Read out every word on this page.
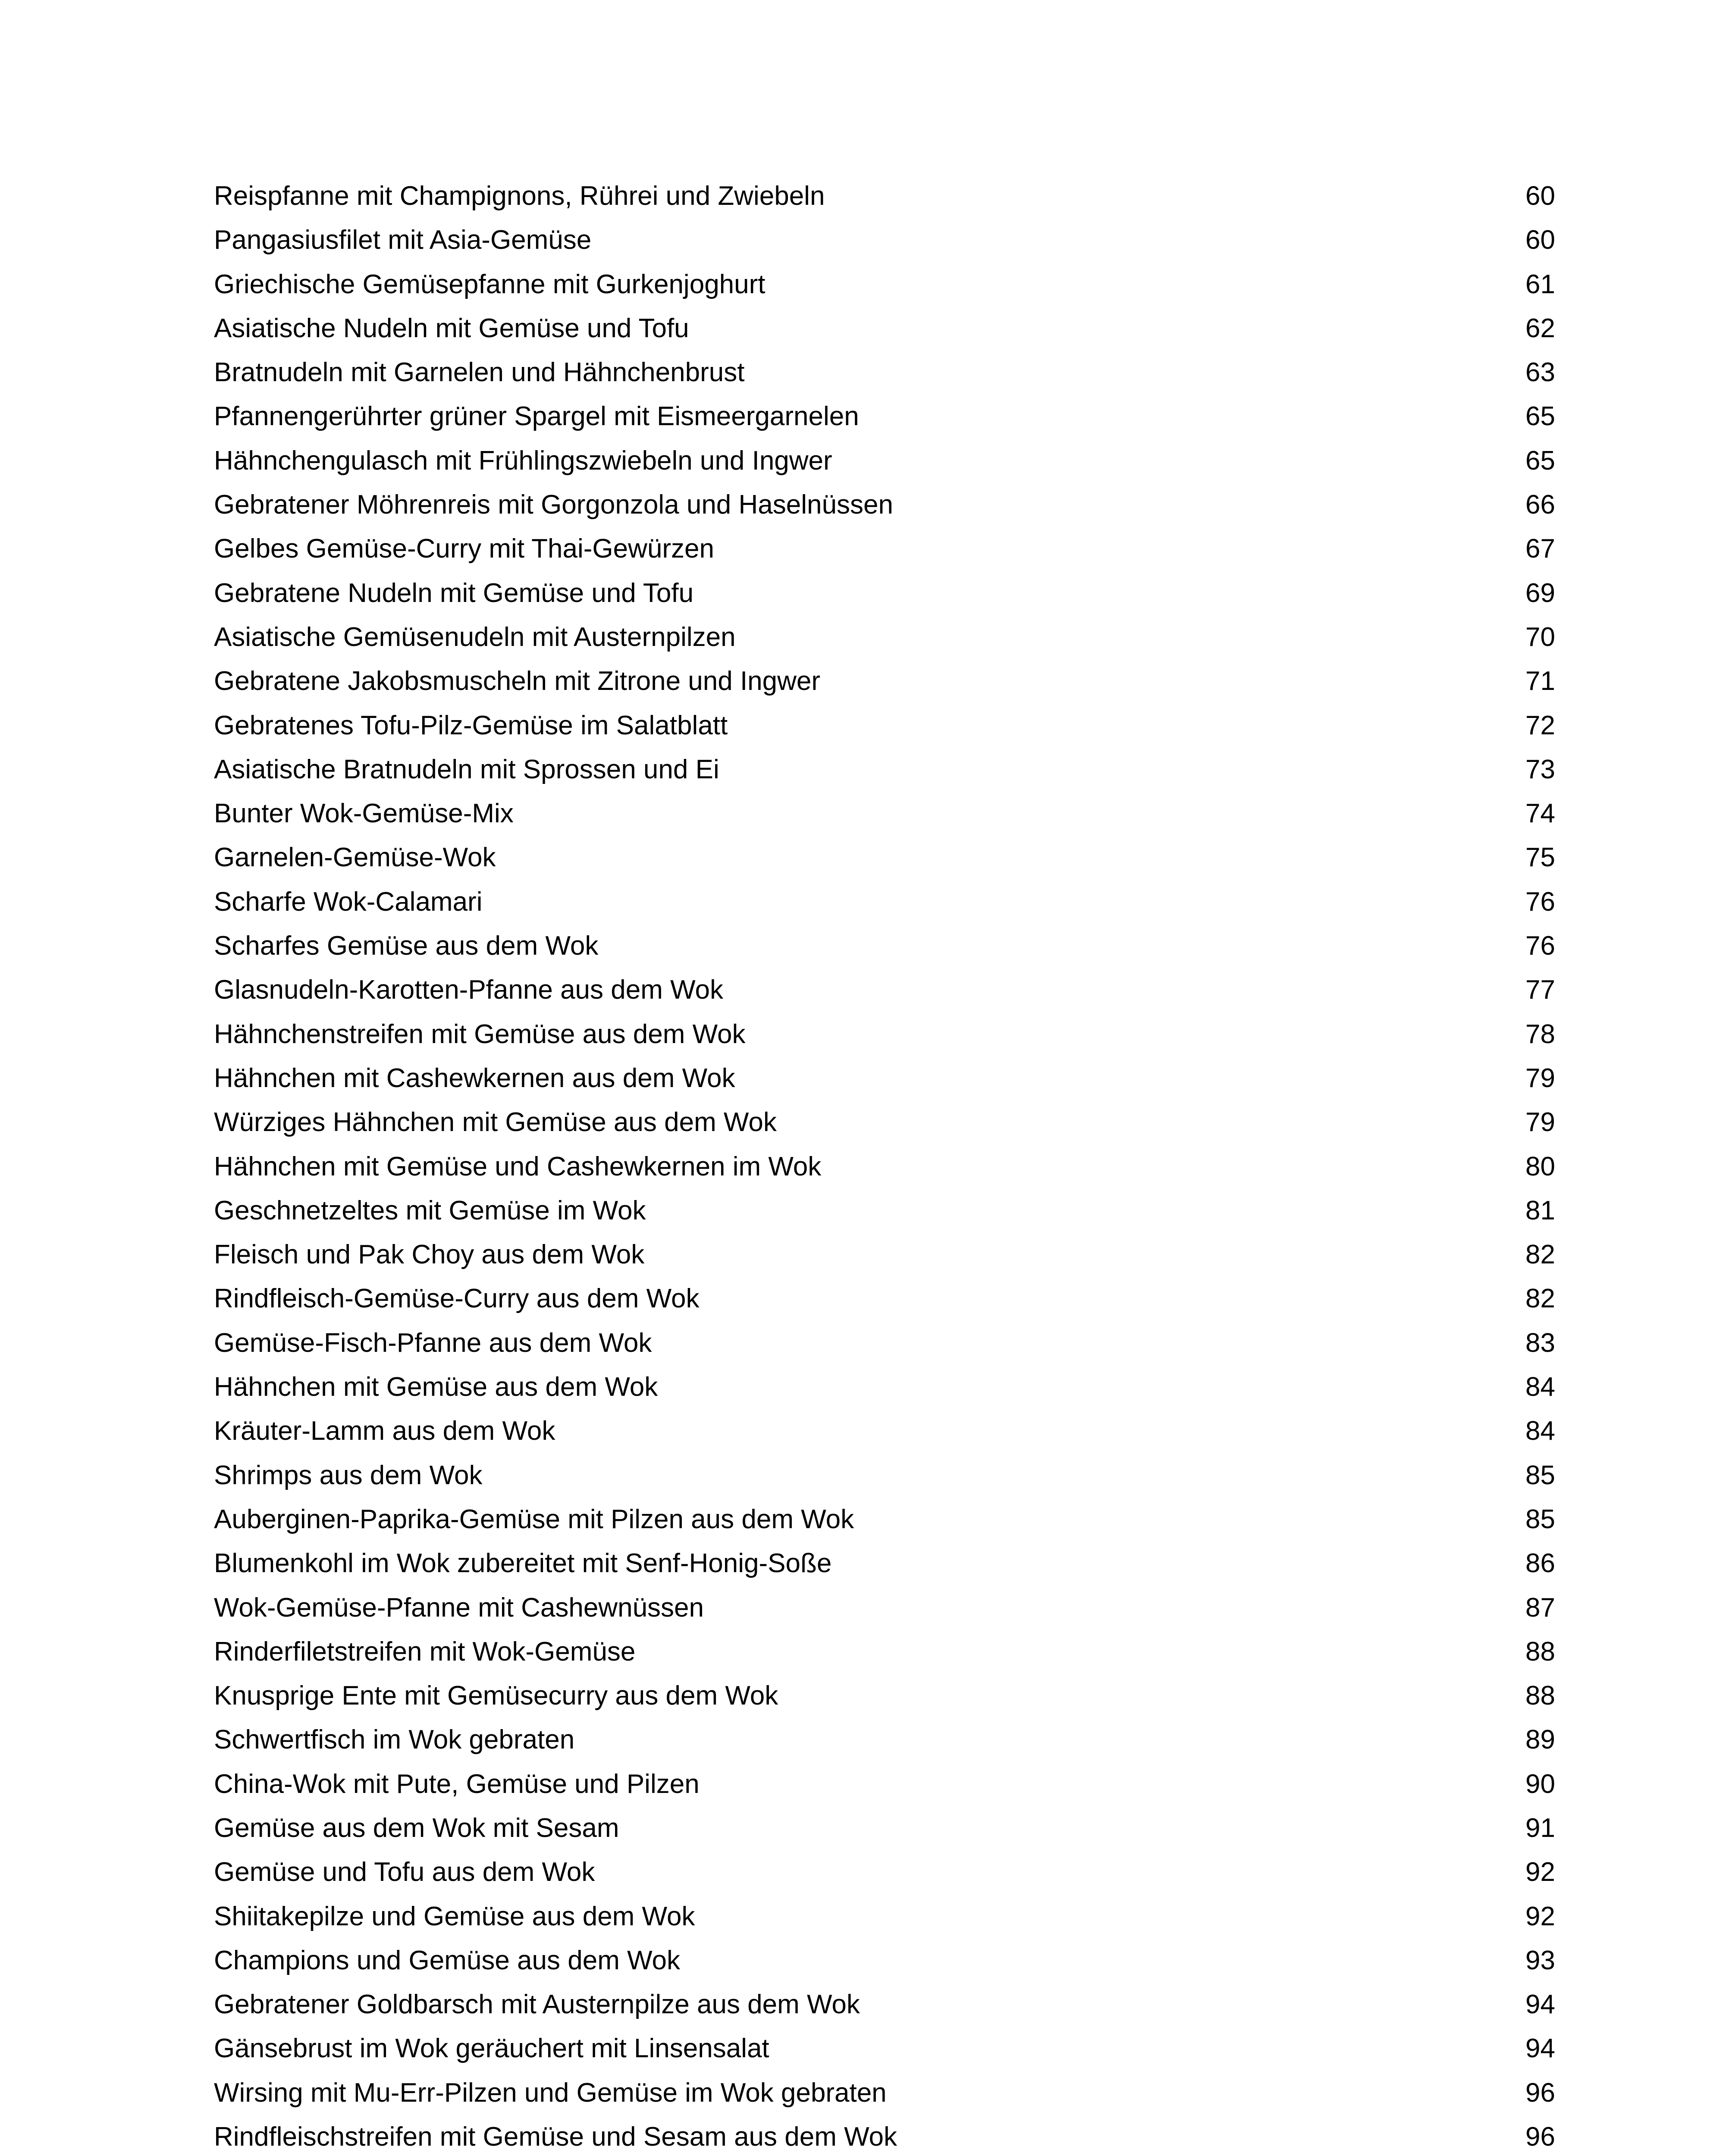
Reispfanne mit Champignons, Rührei und Zwiebeln	60
Pangasiusfilet mit Asia-Gemüse	60
Griechische Gemüsepfanne mit Gurkenjoghurt	61
Asiatische Nudeln mit Gemüse und Tofu	62
Bratnudeln mit Garnelen und Hähnchenbrust	63
Pfannengerührter grüner Spargel mit Eismeergarnelen	65
Hähnchengulasch mit Frühlingszwiebeln und Ingwer	65
Gebratener Möhrenreis mit Gorgonzola und Haselnüssen	66
Gelbes Gemüse-Curry mit Thai-Gewürzen	67
Gebratene Nudeln mit Gemüse und Tofu	69
Asiatische Gemüsenudeln mit Austernpilzen	70
Gebratene Jakobsmuscheln mit Zitrone und Ingwer	71
Gebratenes Tofu-Pilz-Gemüse im Salatblatt	72
Asiatische Bratnudeln mit Sprossen und Ei	73
Bunter Wok-Gemüse-Mix	74
Garnelen-Gemüse-Wok	75
Scharfe Wok-Calamari	76
Scharfes Gemüse aus dem Wok	76
Glasnudeln-Karotten-Pfanne aus dem Wok	77
Hähnchenstreifen mit Gemüse aus dem Wok	78
Hähnchen mit Cashewkernen aus dem Wok	79
Würziges Hähnchen mit Gemüse aus dem Wok	79
Hähnchen mit Gemüse und Cashewkernen im Wok	80
Geschnetzeltes mit Gemüse im Wok	81
Fleisch und Pak Choy aus dem Wok	82
Rindfleisch-Gemüse-Curry aus dem Wok	82
Gemüse-Fisch-Pfanne aus dem Wok	83
Hähnchen mit Gemüse aus dem Wok	84
Kräuter-Lamm aus dem Wok	84
Shrimps aus dem Wok	85
Auberginen-Paprika-Gemüse mit Pilzen aus dem Wok	85
Blumenkohl im Wok zubereitet mit Senf-Honig-Soße	86
Wok-Gemüse-Pfanne mit Cashewnüssen	87
Rinderfiletstreifen mit Wok-Gemüse	88
Knusprige Ente mit Gemüsecurry aus dem Wok	88
Schwertfisch im Wok gebraten	89
China-Wok mit Pute, Gemüse und Pilzen	90
Gemüse aus dem Wok mit Sesam	91
Gemüse und Tofu aus dem Wok	92
Shiitakepilze und Gemüse aus dem Wok	92
Champions und Gemüse aus dem Wok	93
Gebratener Goldbarsch mit Austernpilze aus dem Wok	94
Gänsebrust im Wok geräuchert mit Linsensalat	94
Wirsing mit Mu-Err-Pilzen und Gemüse im Wok gebraten	96
Rindfleischstreifen mit Gemüse und Sesam aus dem Wok	96
